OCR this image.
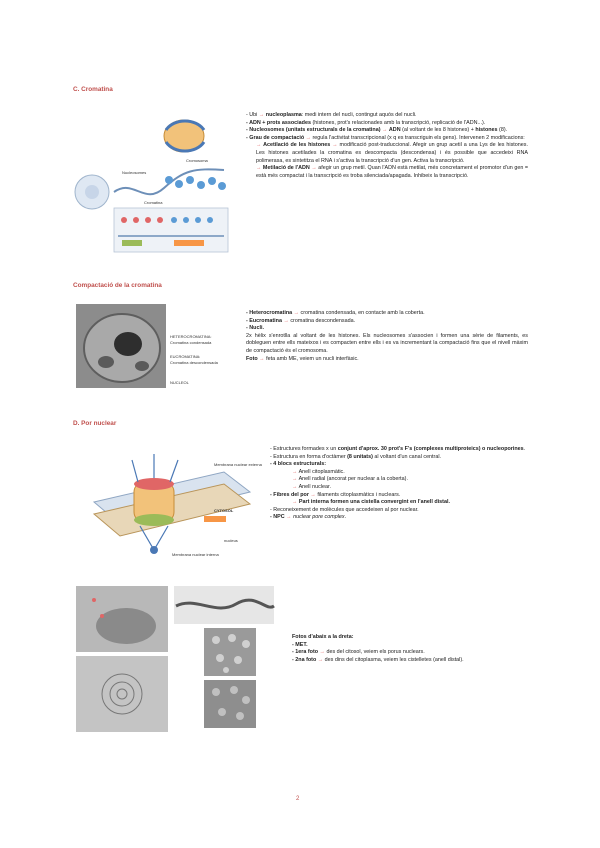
C. Cromatina
Nucleosomes
Cromatina
Cromosoma

- Ubi → nucleoplasma: medi intern del nucli, contingut aquós del nucli.

- ADN + prots associades (histones, prot's relacionades amb la transcripció, replicació de l'ADN...).

- Nucleosomes (unitats estructurals de la cromatina) → ADN (al voltant de les 8 histones) + histones (8).

- Grau de compactació → regula l'activitat transcripcional (x q es transcriguin els gens). Intervenen 2 modificacions:

→ Acetilació de les histones → modificació post-traduccional. Afegir un grup acetil a una Lys de les histones. Les histones acetilades la cromatina es descompacta (descondensa) i és possible que accedeixi RNA polimerasa, es sintetitza el RNA i s'activa la transcripció d'un gen. Activa la transcripció.

→ Metilació de l'ADN → afegir un grup metil. Quan l'ADN està metilat, més concretament el promotor d'un gen = està més compactat i la transcripció es troba silenciada/apagada. Inhibeix la transcripció.

Compactació de la cromatina
HETEROCROMATINA:
Cromatina condensada
EUCROMATINA:
Cromatina descondensada
NUCLEOL

- Heterocromatina → cromatina condensada, en contacte amb la coberta.

- Eucromatina → cromatina descondensada.

- Nucli.

2x hèlix s'enrotlla al voltant de les histones. Els nucleosomes s'associen i formen una sèrie de filaments, es dobleguen entre ells mateixos i es compacten entre ells i es va incrementant la compactació fins que el nivell màxim de compactació és el cromosoma.

Foto → feta amb ME, veiem un nucli interfàsic.

D. Por nuclear
CYTOSOL
nucleus
Membrana nuclear externa
Membrana nuclear interna

- Estructures formades x un conjunt d'aprox. 30 prot's F's (complexes multiproteics) o nucleoporines.

- Estructura en forma d'octàmer (8 unitats) al voltant d'un canal central.

- 4 blocs estructurals:

→ Anell citoplasmàtic.

→ Anell radial (ancorat per nuclear a la coberta).

→ Anell nuclear.

- Fibres del por → filaments citoplasmàtics i nuclears.

→ Part interna formen una cistella convergint en l'anell distal.

- Reconeixement de molècules que accedeixen al por nuclear.

- NPC → nuclear pore complex.

Fotos d'abaix a la dreta:

- MET.

- 1era foto → des del citosol, veiem els porus nuclears.

- 2na foto → des dins del citoplasma, veiem les cistelletes (anell distal).

2
